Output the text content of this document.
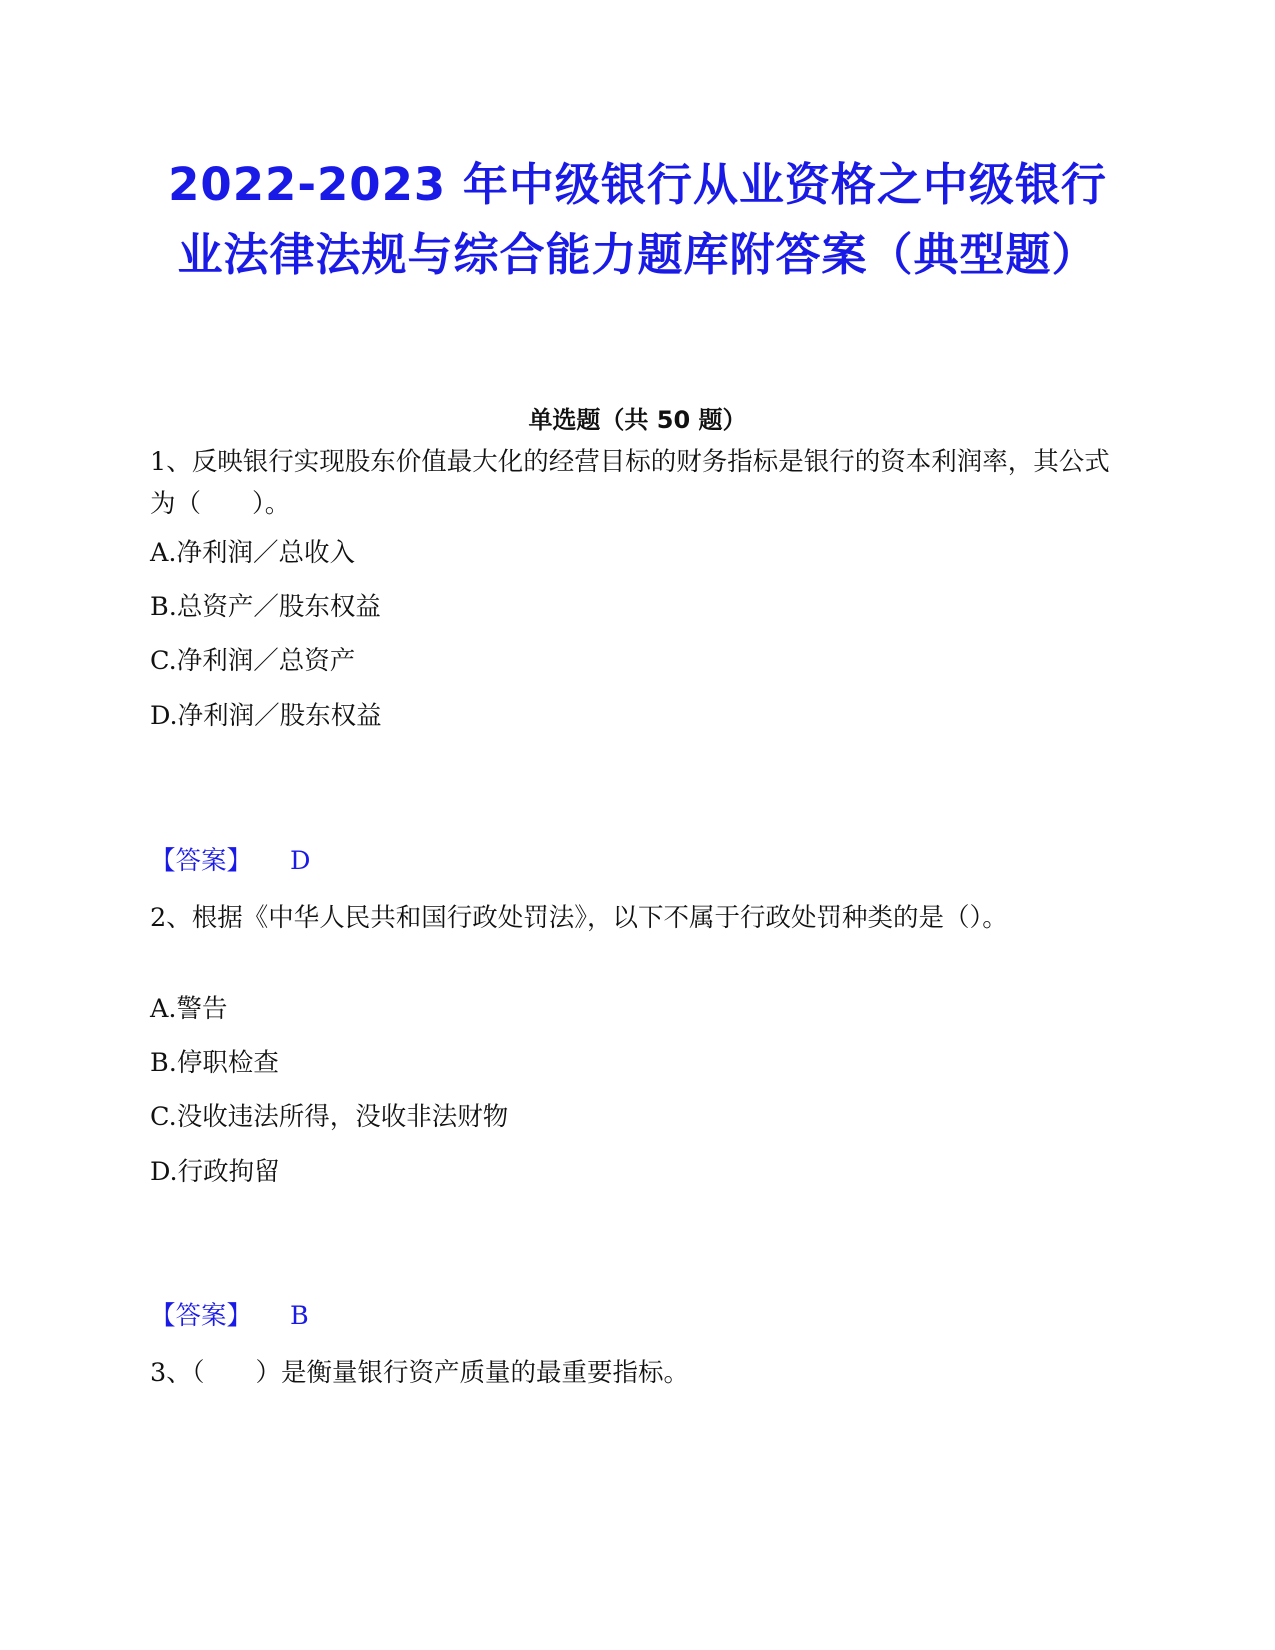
2022-2023 年中级银行从业资格之中级银行业法律法规与综合能力题库附答案（典型题）
单选题（共 50 题）
1、反映银行实现股东价值最大化的经营目标的财务指标是银行的资本利润率，其公式为（　　）。
A.净利润／总收入
B.总资产／股东权益
C.净利润／总资产
D.净利润／股东权益
【答案】 D
2、根据《中华人民共和国行政处罚法》，以下不属于行政处罚种类的是（）。
A.警告
B.停职检查
C.没收违法所得，没收非法财物
D.行政拘留
【答案】 B
3、（　　）是衡量银行资产质量的最重要指标。
